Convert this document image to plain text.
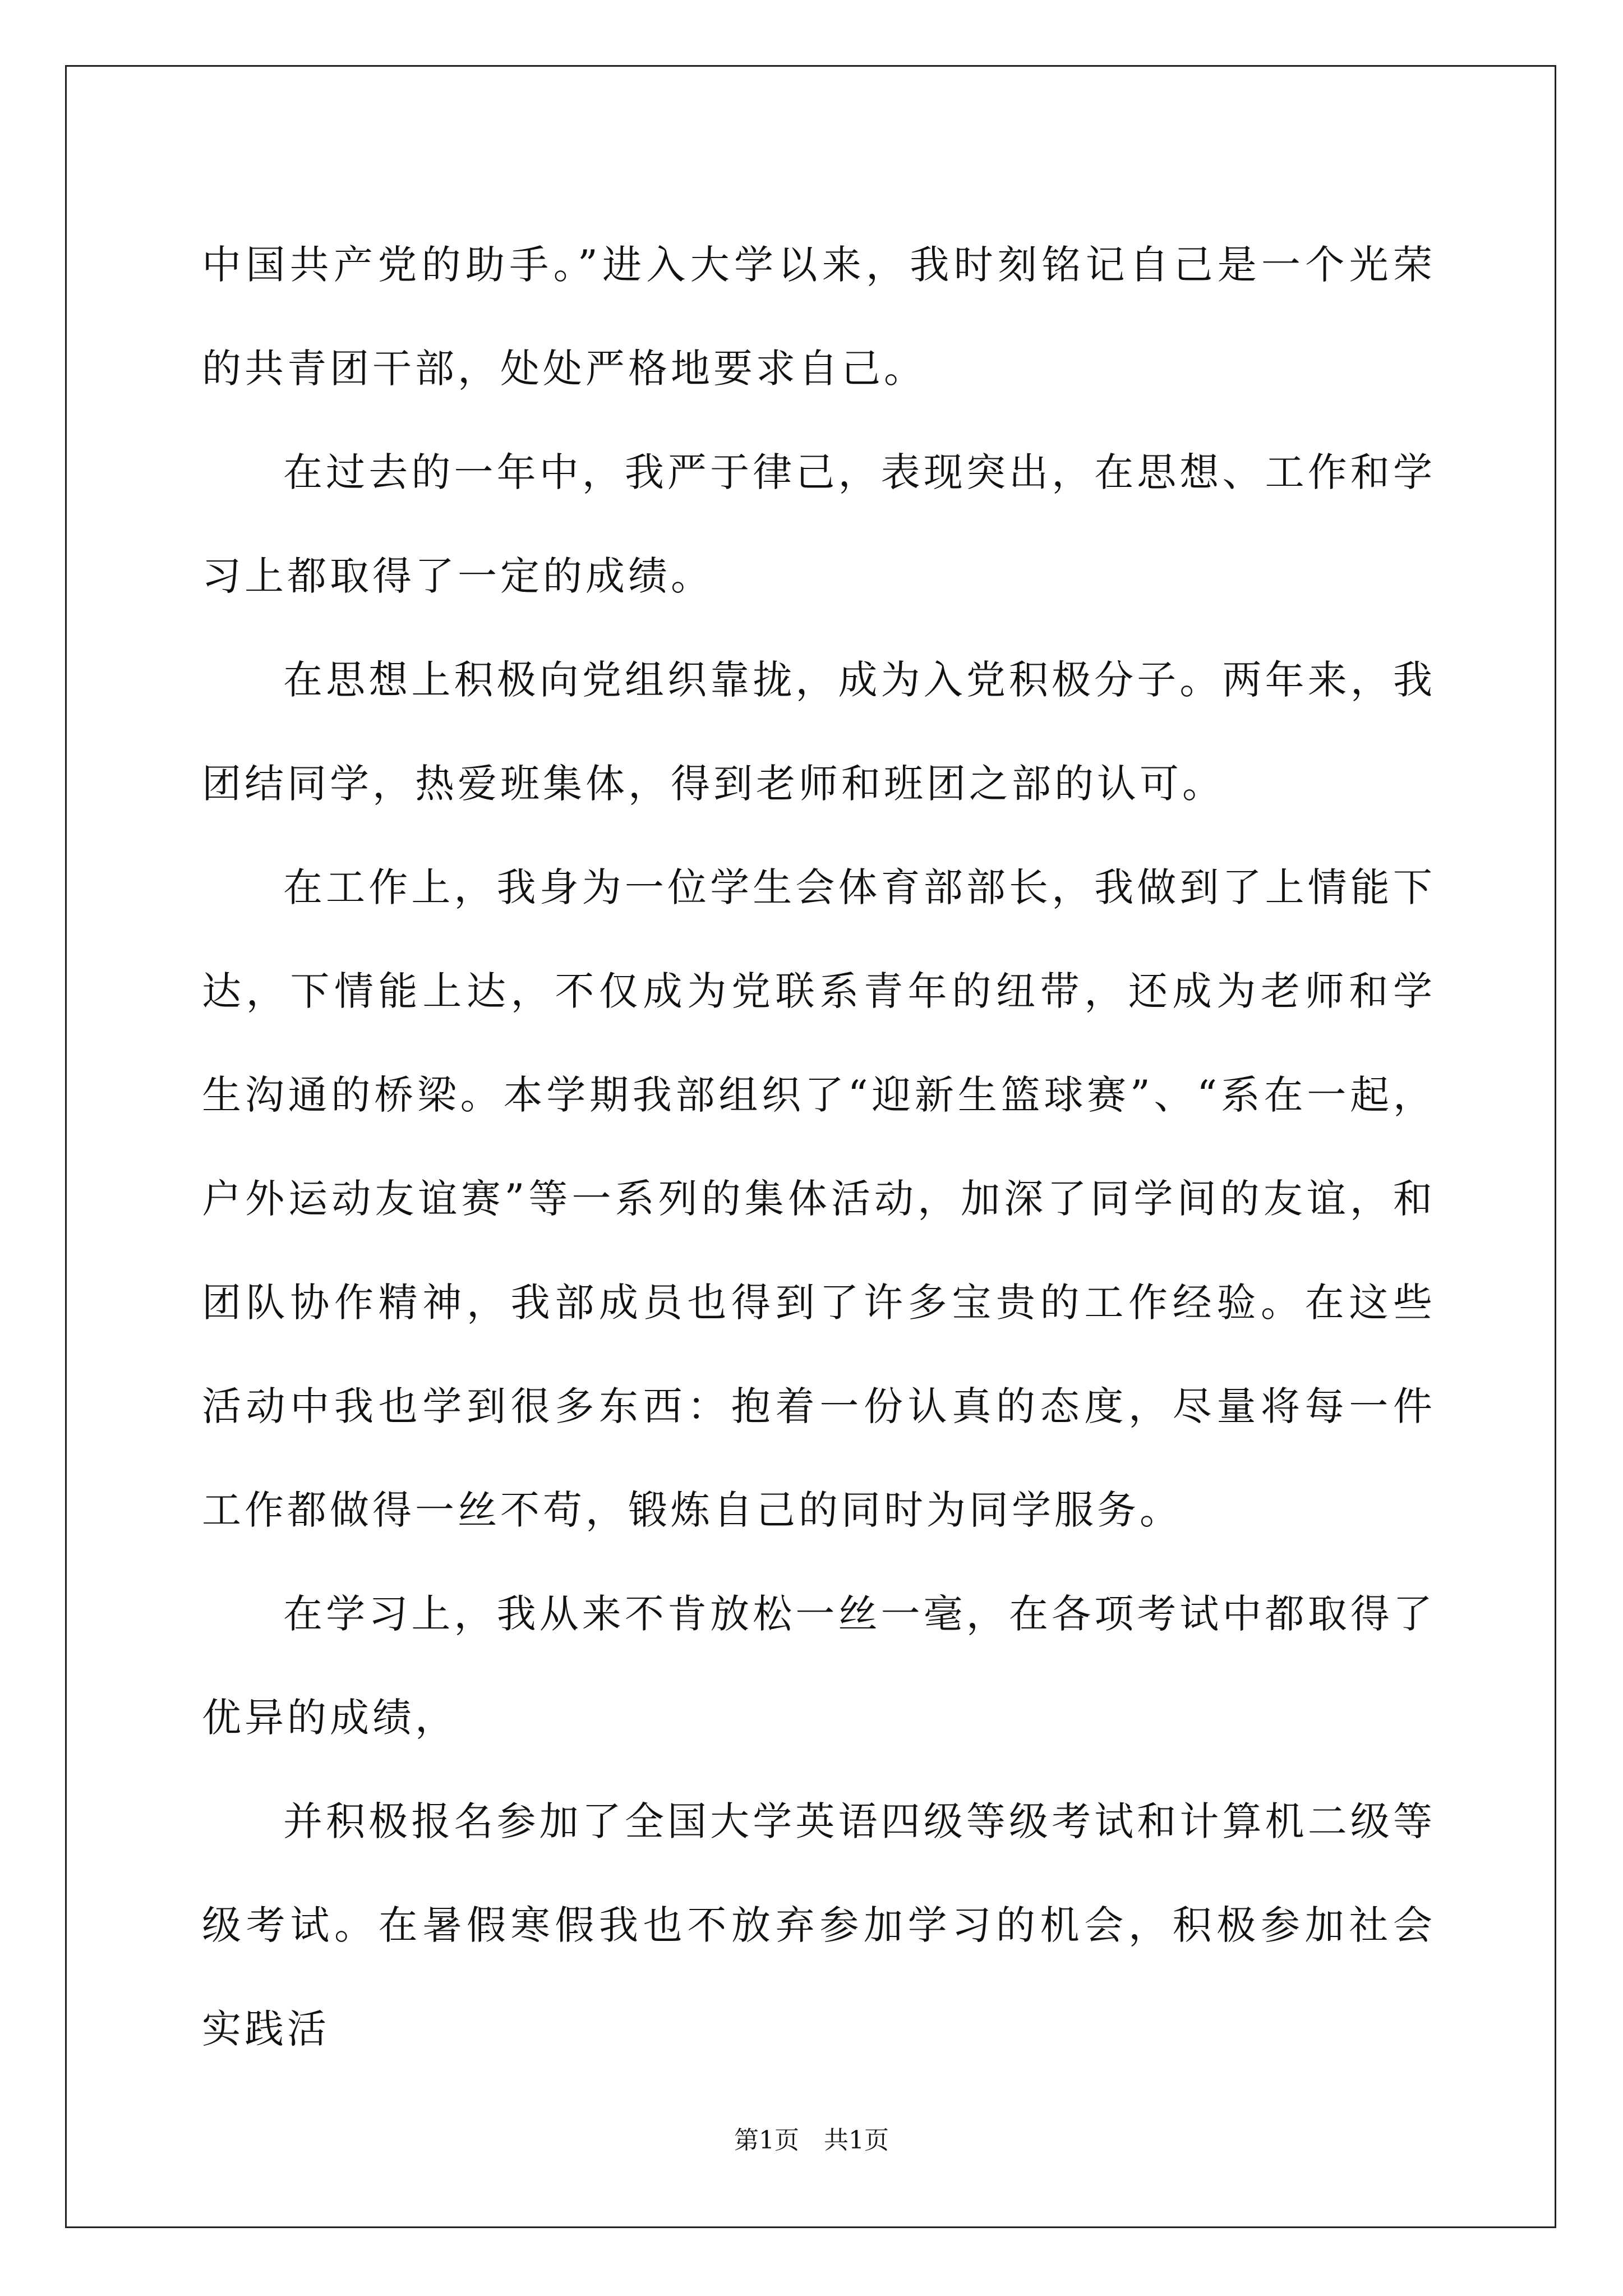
中国共产党的助手。”进入大学以来，我时刻铭记自己是一个光荣的共青团干部，处处严格地要求自己。

在过去的一年中，我严于律己，表现突出，在思想、工作和学习上都取得了一定的成绩。

在思想上积极向党组织靠拢，成为入党积极分子。两年来，我团结同学，热爱班集体，得到老师和班团之部的认可。

在工作上，我身为一位学生会体育部部长，我做到了上情能下达，下情能上达，不仅成为党联系青年的纽带，还成为老师和学生沟通的桥梁。本学期我部组织了“迎新生篮球赛”、“系在一起，户外运动友谊赛”等一系列的集体活动，加深了同学间的友谊，和团队协作精神，我部成员也得到了许多宝贵的工作经验。在这些活动中我也学到很多东西：抱着一份认真的态度，尽量将每一件工作都做得一丝不苟，锻炼自己的同时为同学服务。

在学习上，我从来不肯放松一丝一毫，在各项考试中都取得了优异的成绩，

并积极报名参加了全国大学英语四级等级考试和计算机二级等级考试。在暑假寒假我也不放弃参加学习的机会，积极参加社会实践活

第1页　共1页
